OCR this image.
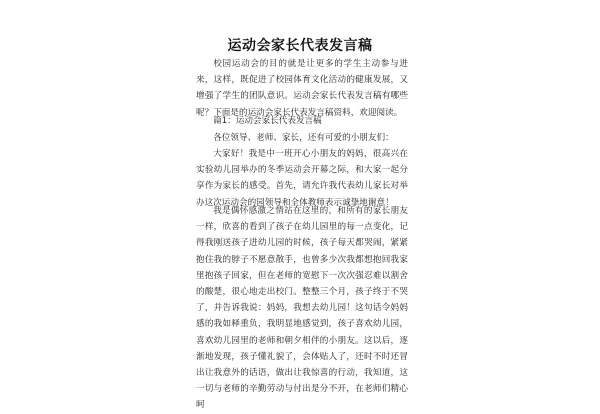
运动会家长代表发言稿

校园运动会的目的就是让更多的学生主动参与进来，这样，既促进了校园体育文化活动的健康发展，又增强了学生的团队意识。运动会家长代表发言稿有哪些呢？下面是的运动会家长代表发言稿资料，欢迎阅读。

篇1：运动会家长代表发言稿

各位领导、老师、家长，还有可爱的小朋友们：

大家好！我是中一班开心小朋友的妈妈，很高兴在实验幼儿园举办的冬季运动会开幕之际，和大家一起分享作为家长的感受。首先，请允许我代表幼儿家长对举办这次运动会的园领导和全体教师表示诚挚地谢意！

我是偶怀感激之情站在这里的，和所有的家长朋友一样，欣喜的看到了孩子在幼儿园里的每一点变化，记得我刚送孩子进幼儿园的时候，孩子每天都哭闹，紧紧抱住我的脖子不愿意散手，也曾多少次我都想抱回我家里抱孩子回家，但在老师的宽慰下一次次强忍难以割舍的酸楚，很心地走出校门。整整三个月，孩子终于不哭了，并告诉我说：妈妈，我想去幼儿园！这句话令妈妈感的我如释重负，我明显地感觉到，孩子喜欢幼儿园，喜欢幼儿园里的老师和朝夕相伴的小朋友。这以后，逐渐地发现，孩子懂礼貌了，会体贴人了，还时不时还冒出让我意外的话语，做出让我惊喜的行动，我知道，这一切与老师的辛勤劳动与付出是分不开，在老师们精心呵
